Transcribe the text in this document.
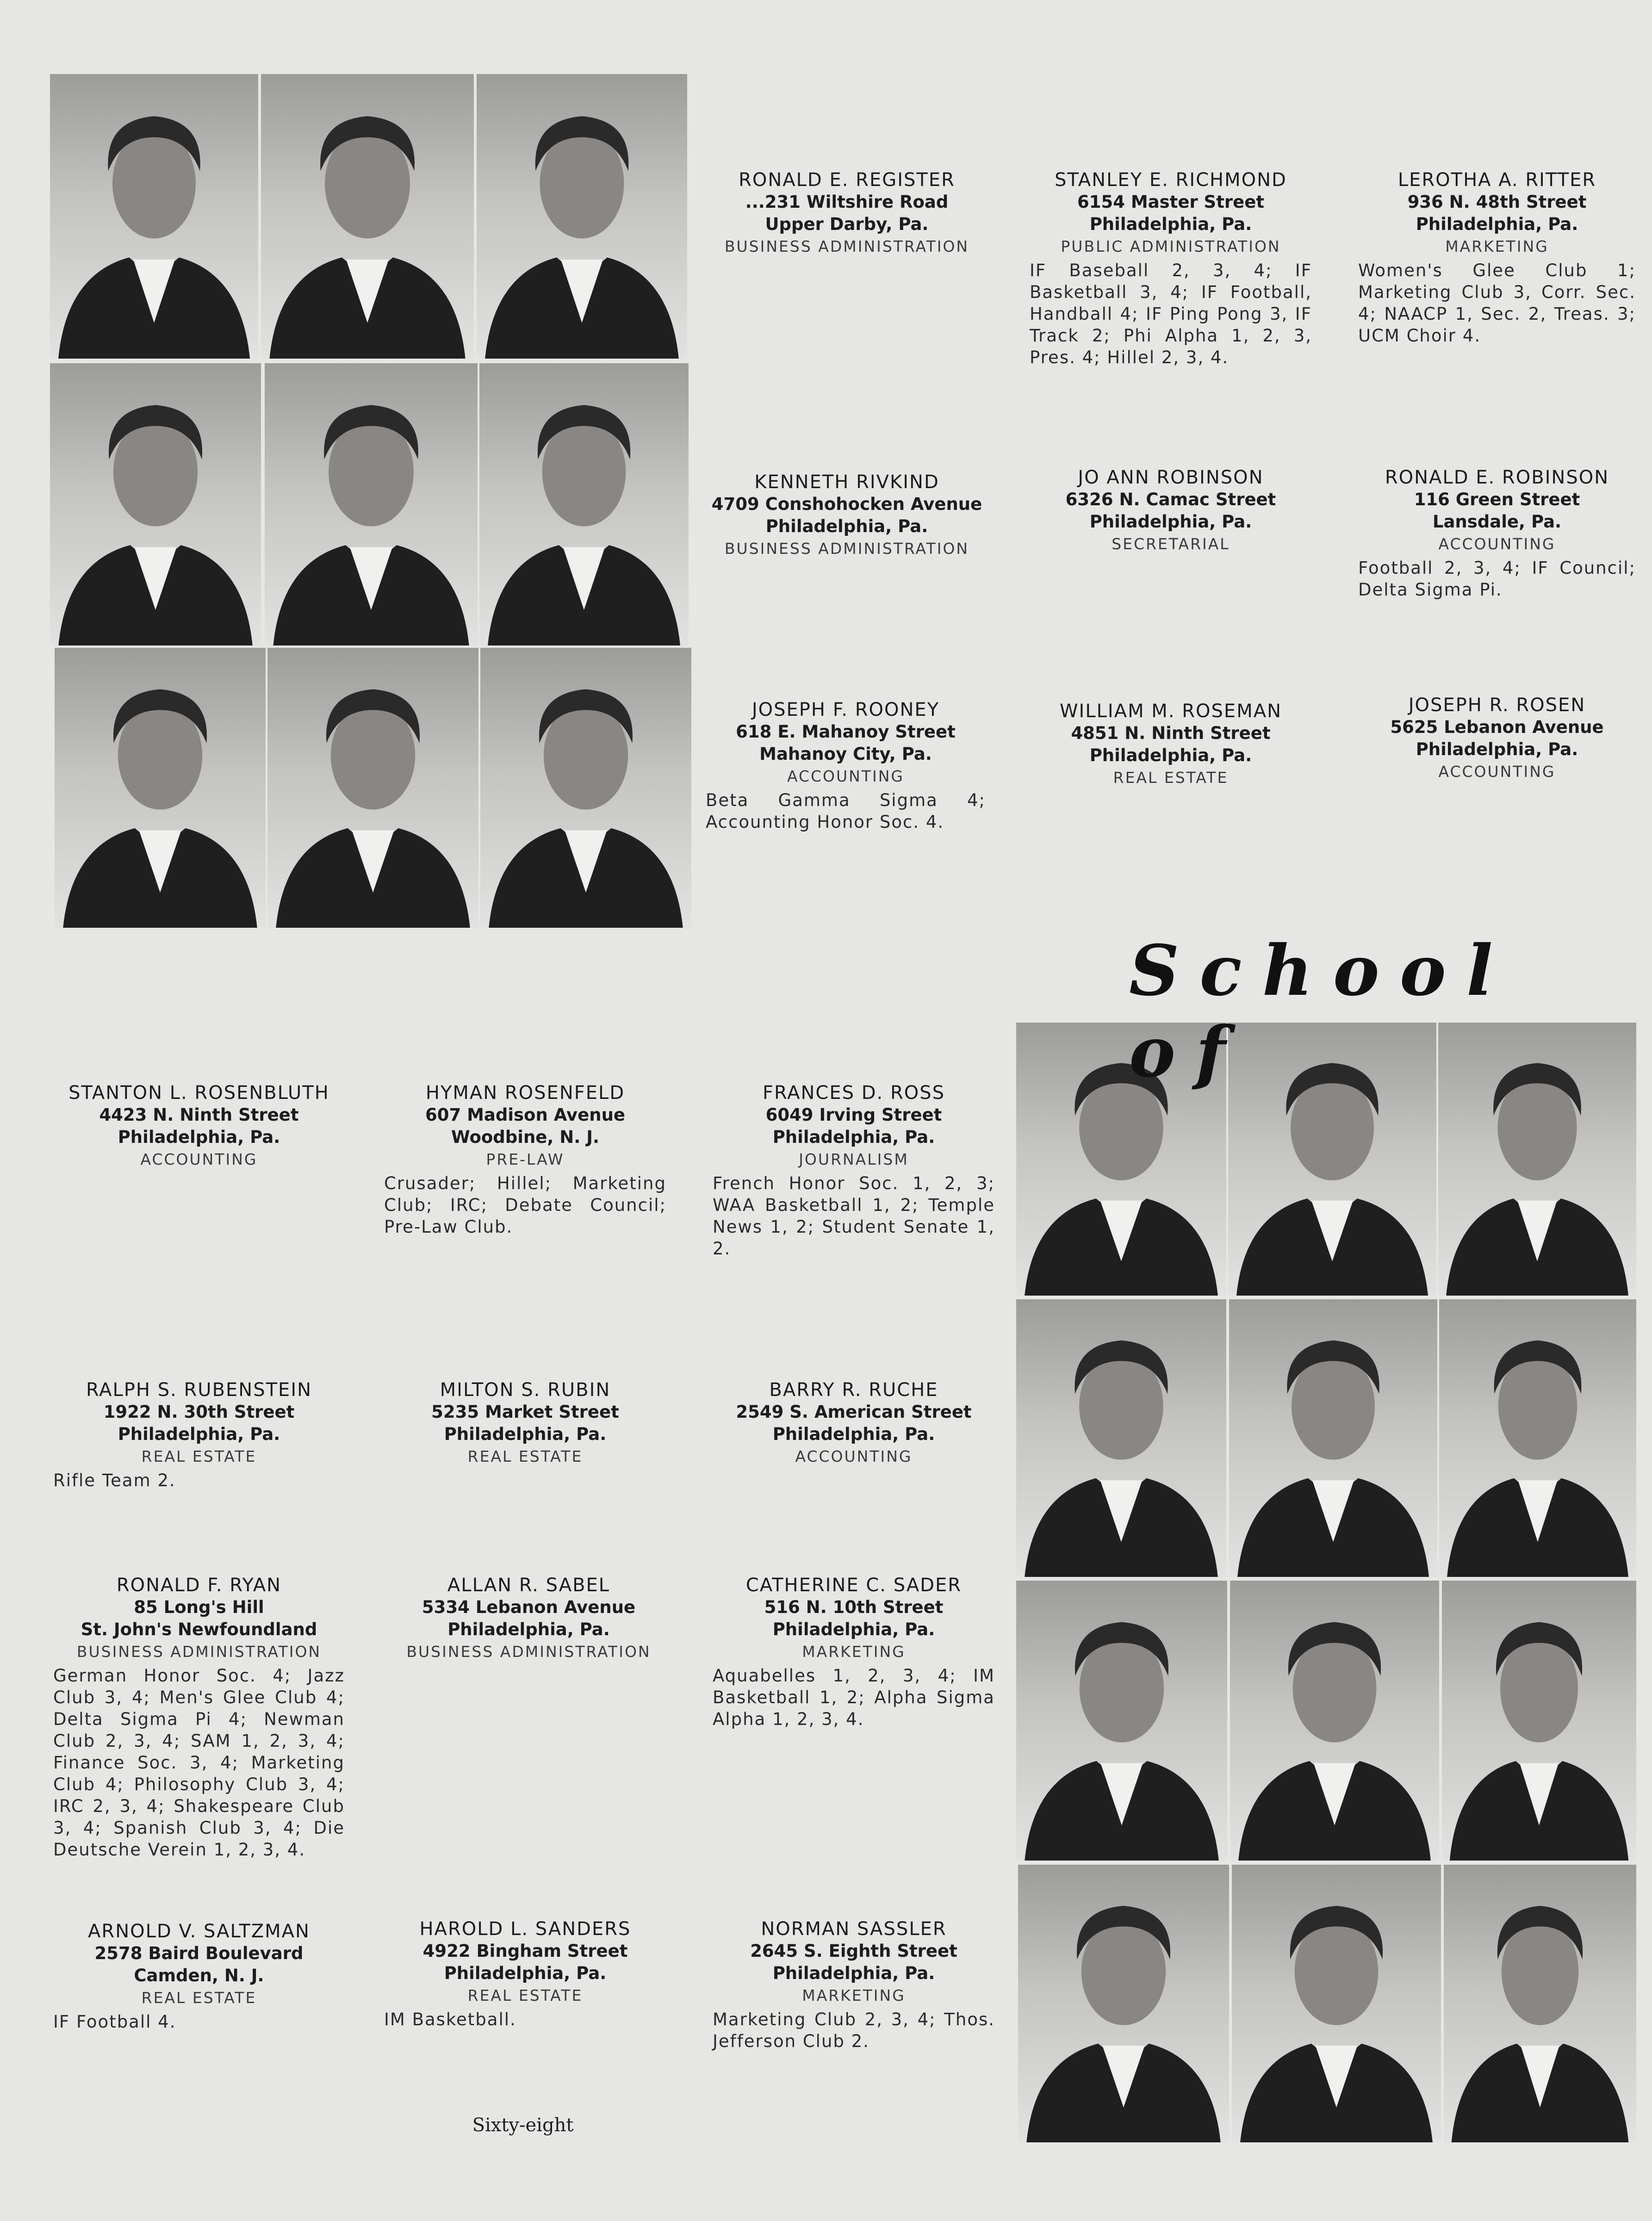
School of
RONALD E. REGISTER
...231 Wiltshire Road
Upper Darby, Pa.
BUSINESS ADMINISTRATION
STANLEY E. RICHMOND
6154 Master Street
Philadelphia, Pa.
PUBLIC ADMINISTRATION
IF Baseball 2, 3, 4; IF Basketball 3, 4; IF Football, Handball 4; IF Ping Pong 3, IF Track 2; Phi Alpha 1, 2, 3, Pres. 4; Hillel 2, 3, 4.
LEROTHA A. RITTER
936 N. 48th Street
Philadelphia, Pa.
MARKETING
Women's Glee Club 1; Marketing Club 3, Corr. Sec. 4; NAACP 1, Sec. 2, Treas. 3; UCM Choir 4.
KENNETH RIVKIND
4709 Conshohocken Avenue
Philadelphia, Pa.
BUSINESS ADMINISTRATION
JO ANN ROBINSON
6326 N. Camac Street
Philadelphia, Pa.
SECRETARIAL
RONALD E. ROBINSON
116 Green Street
Lansdale, Pa.
ACCOUNTING
Football 2, 3, 4; IF Council; Delta Sigma Pi.
JOSEPH F. ROONEY
618 E. Mahanoy Street
Mahanoy City, Pa.
ACCOUNTING
Beta Gamma Sigma 4; Accounting Honor Soc. 4.
WILLIAM M. ROSEMAN
4851 N. Ninth Street
Philadelphia, Pa.
REAL ESTATE
JOSEPH R. ROSEN
5625 Lebanon Avenue
Philadelphia, Pa.
ACCOUNTING
STANTON L. ROSENBLUTH
4423 N. Ninth Street
Philadelphia, Pa.
ACCOUNTING
HYMAN ROSENFELD
607 Madison Avenue
Woodbine, N. J.
PRE-LAW
Crusader; Hillel; Marketing Club; IRC; Debate Council; Pre-Law Club.
FRANCES D. ROSS
6049 Irving Street
Philadelphia, Pa.
JOURNALISM
French Honor Soc. 1, 2, 3; WAA Basketball 1, 2; Temple News 1, 2; Student Senate 1, 2.
RALPH S. RUBENSTEIN
1922 N. 30th Street
Philadelphia, Pa.
REAL ESTATE
Rifle Team 2.
MILTON S. RUBIN
5235 Market Street
Philadelphia, Pa.
REAL ESTATE
BARRY R. RUCHE
2549 S. American Street
Philadelphia, Pa.
ACCOUNTING
RONALD F. RYAN
85 Long's Hill
St. John's Newfoundland
BUSINESS ADMINISTRATION
German Honor Soc. 4; Jazz Club 3, 4; Men's Glee Club 4; Delta Sigma Pi 4; Newman Club 2, 3, 4; SAM 1, 2, 3, 4; Finance Soc. 3, 4; Marketing Club 4; Philosophy Club 3, 4; IRC 2, 3, 4; Shakespeare Club 3, 4; Spanish Club 3, 4; Die Deutsche Verein 1, 2, 3, 4.
ALLAN R. SABEL
5334 Lebanon Avenue
Philadelphia, Pa.
BUSINESS ADMINISTRATION
CATHERINE C. SADER
516 N. 10th Street
Philadelphia, Pa.
MARKETING
Aquabelles 1, 2, 3, 4; IM Basketball 1, 2; Alpha Sigma Alpha 1, 2, 3, 4.
ARNOLD V. SALTZMAN
2578 Baird Boulevard
Camden, N. J.
REAL ESTATE
IF Football 4.
HAROLD L. SANDERS
4922 Bingham Street
Philadelphia, Pa.
REAL ESTATE
IM Basketball.
NORMAN SASSLER
2645 S. Eighth Street
Philadelphia, Pa.
MARKETING
Marketing Club 2, 3, 4; Thos. Jefferson Club 2.
Sixty-eight
